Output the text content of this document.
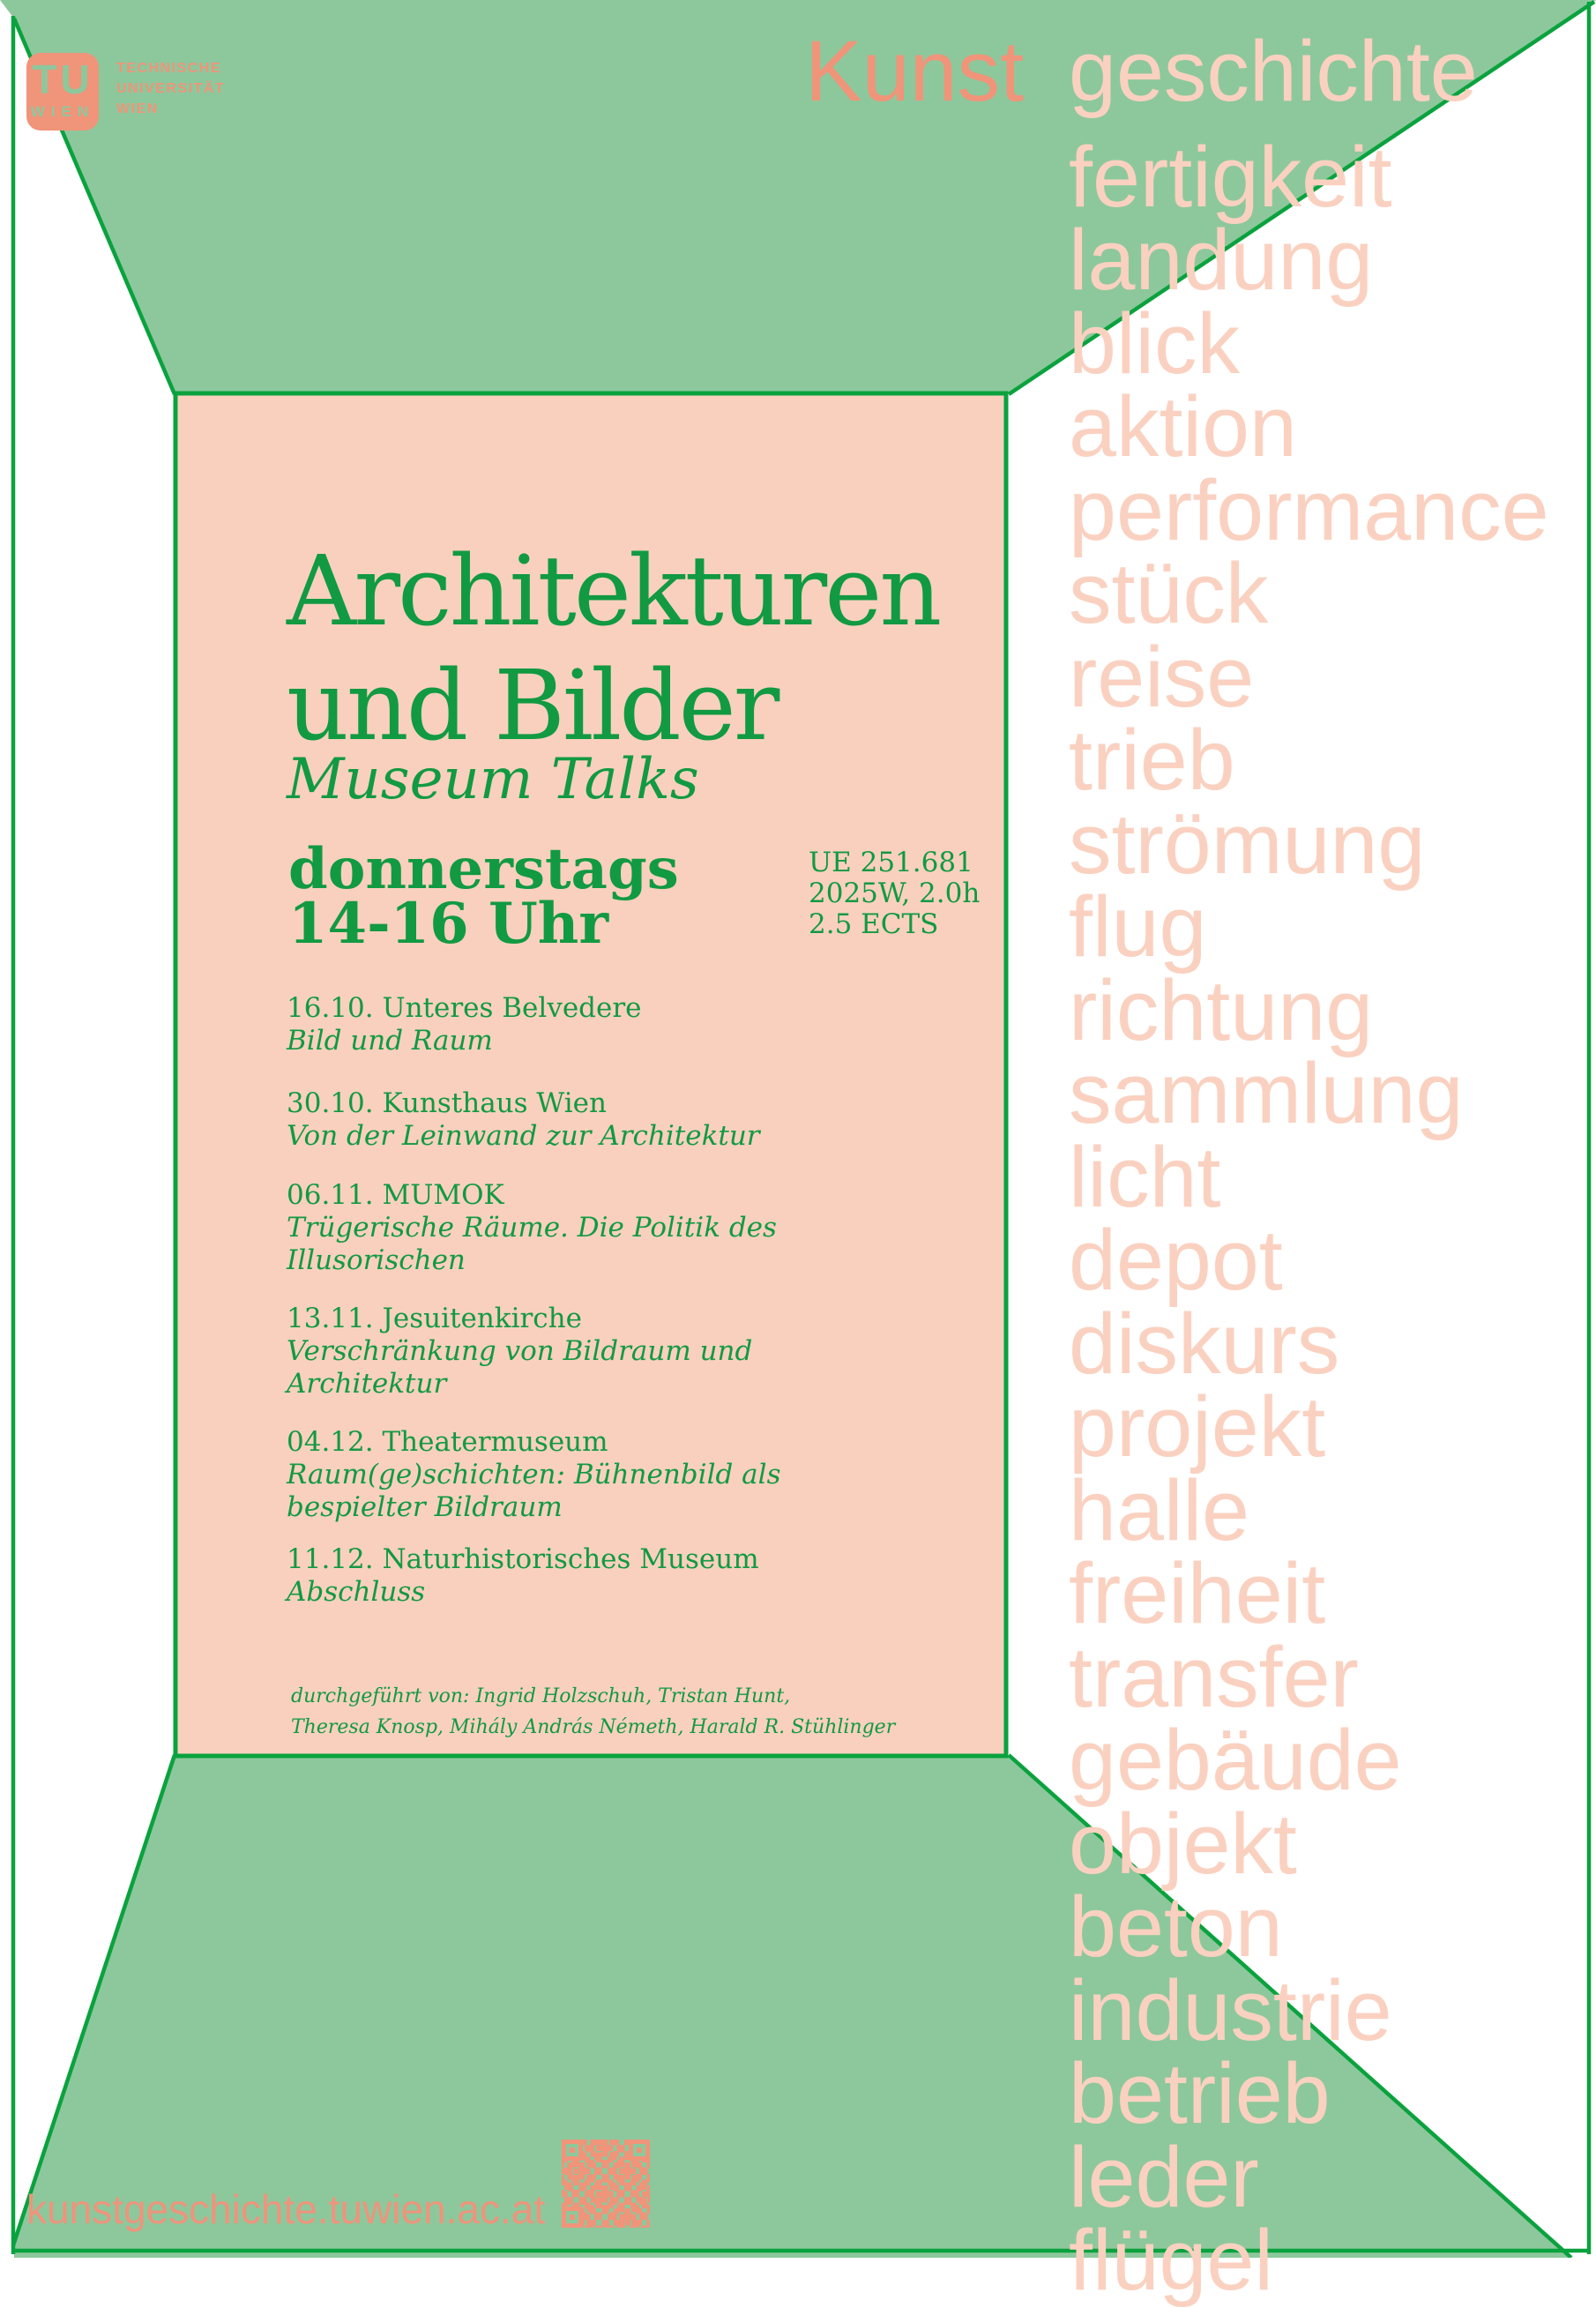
TU
WIEN
TECHNISCHE
UNIVERSITÄT
WIEN	Kunst geschichte
fertigkeit
landung
blick
aktion
performance
stück
reise
trieb
strömung
flug
richtung
sammlung
licht
depot
diskurs
projekt
halle
freiheit
transfer
gebäude
objekt
beton
industrie
betrieb
leder
flügel
Architekturen
und Bilder
Museum Talks
donnerstags
14-16 Uhr
UE 251.681
2025W, 2.0h
2.5 ECTS
16.10. Unteres Belvedere
Bild und Raum
30.10. Kunsthaus Wien
Von der Leinwand zur Architektur
06.11. MUMOK
Trügerische Räume. Die Politik des
Illusorischen
13.11. Jesuitenkirche
Verschränkung von Bildraum und
Architektur
04.12. Theatermuseum
Raum(ge)schichten: Bühnenbild als
bespielter Bildraum
11.12. Naturhistorisches Museum
Abschluss
durchgeführt von: Ingrid Holzschuh, Tristan Hunt,
Theresa Knosp, Mihály András Németh, Harald R. Stühlinger
kunstgeschichte.tuwien.ac.at
